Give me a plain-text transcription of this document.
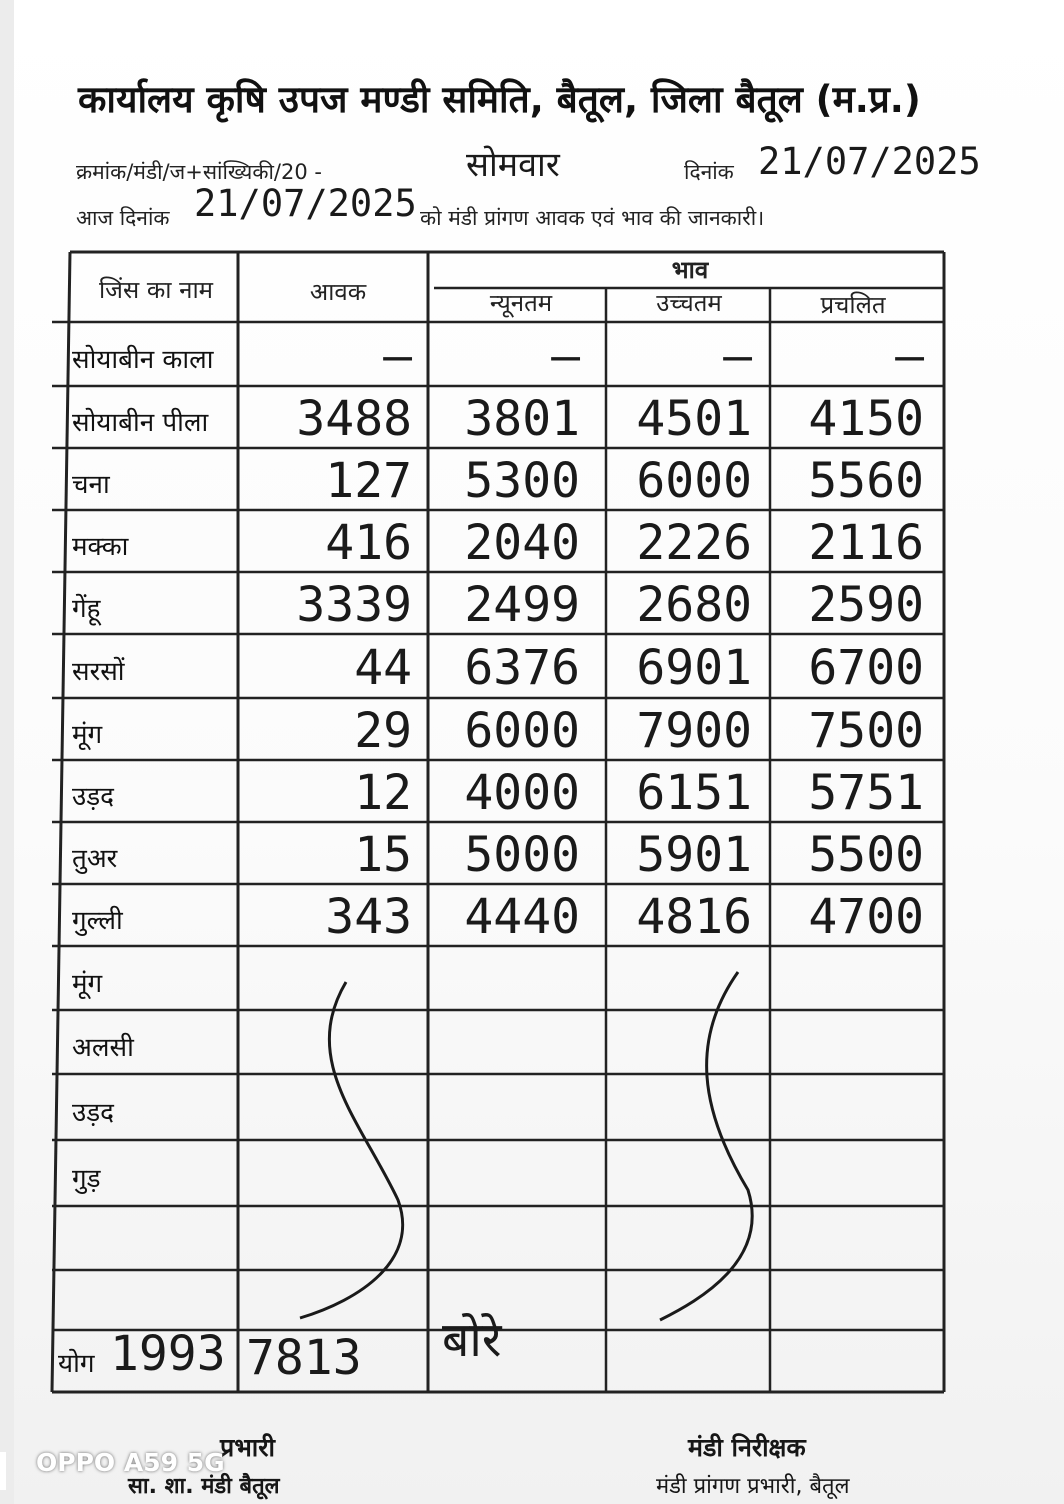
कार्यालय कृषि उपज मण्डी समिति, बैतूल, जिला बैतूल (म.प्र.)
क्रमांक/मंडी/ज+सांख्यिकी/20 -	सोमवार	दिनांक 21/07/2025
आज दिनांक 21/07/2025 को मंडी प्रांगण आवक एवं भाव की जानकारी।
जिंस का नाम	आवक
भाव
न्यूनतम	उच्चतम	प्रचलित
सोयाबीन काला	—	—	—	—
सोयाबीन पीला 3488 3801 4501 4150
चना	127 5300 6000 5560
मक्का	416 2040 2226 2116
गेंहू	3339 2499 2680 2590
सरसों	44 6376 6901 6700
मूंग	29 6000 7900 7500
उड़द	12 4000 6151 5751
तुअर	15 5000 5901 5500
गुल्ली	343 4440 4816 4700
मूंग
अलसी
उड़द
गुड़
योग 1993 7813 बोरे
प्रभारी
सा. शा. मंडी बैतूल
मंडी निरीक्षक
मंडी प्रांगण प्रभारी, बैतूल
OPPO A59 5G
